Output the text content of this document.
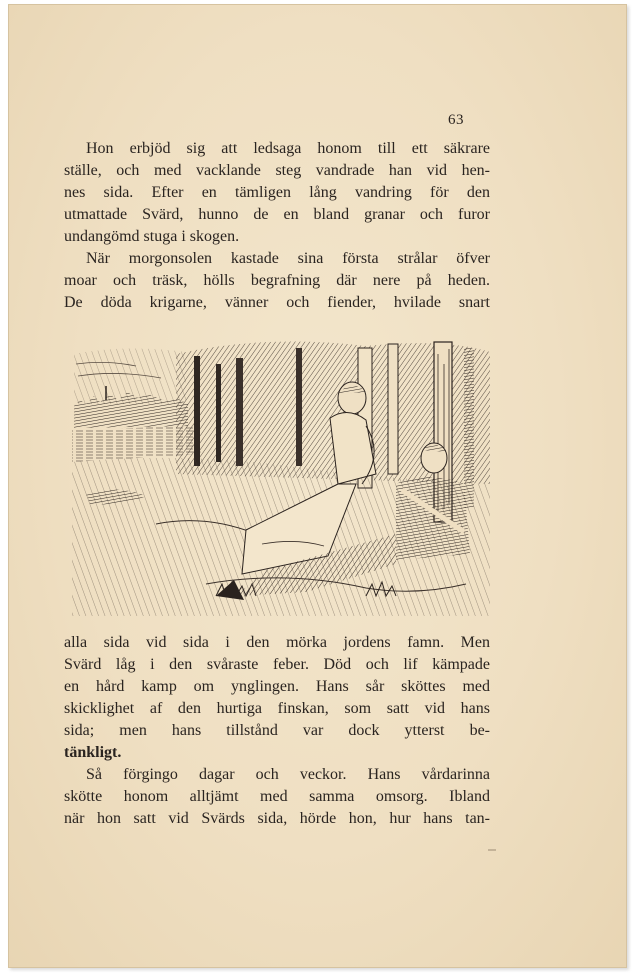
63

Hon erbjöd sig att ledsaga honom till ett säkrare
ställe, och med vacklande steg vandrade han vid hen-
nes sida. Efter en tämligen lång vandring för den
utmattade Svärd, hunno de en bland granar och furor
undangömd stuga i skogen.

När morgonsolen kastade sina första strålar öfver
moar och träsk, hölls begrafning där nere på heden.
De döda krigarne, vänner och fiender, hvilade snart

alla sida vid sida i den mörka jordens famn. Men
Svärd låg i den svåraste feber. Död och lif kämpade
en hård kamp om ynglingen. Hans sår sköttes med
skicklighet af den hurtiga finskan, som satt vid hans
sida; men hans tillstånd var dock ytterst be-
tänkligt.

Så förgingo dagar och veckor. Hans vårdarinna
skötte honom alltjämt med samma omsorg. Ibland
när hon satt vid Svärds sida, hörde hon, hur hans tan-
